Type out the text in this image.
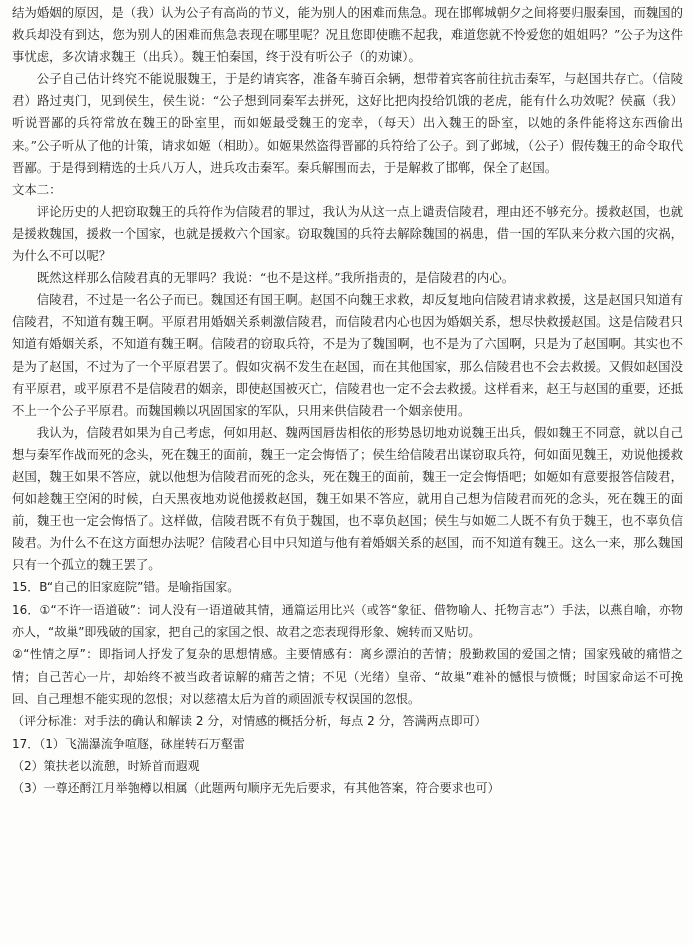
结为婚姻的原因，是（我）认为公子有高尚的节义，能为别人的困难而焦急。现在邯郸城朝夕之间将要归服秦国，而魏国的救兵却没有到达，您为别人的困难而焦急表现在哪里呢？况且您即使瞧不起我，难道您就不怜爱您的姐姐吗？”公子为这件事忧虑，多次请求魏王（出兵）。魏王怕秦国，终于没有听公子（的劝谏）。

公子自己估计终究不能说服魏王，于是约请宾客，准备车骑百余辆，想带着宾客前往抗击秦军，与赵国共存亡。（信陵君）路过夷门，见到侯生，侯生说：“公子想到同秦军去拼死，这好比把肉投给饥饿的老虎，能有什么功效呢？侯嬴（我）听说晋鄙的兵符常放在魏王的卧室里，而如姬最受魏王的宠幸，（每天）出入魏王的卧室，以她的条件能将这东西偷出来。”公子听从了他的计策，请求如姬（相助）。如姬果然盗得晋鄙的兵符给了公子。到了邺城，（公子）假传魏王的命令取代晋鄙。于是得到精选的士兵八万人，进兵攻击秦军。秦兵解围而去，于是解救了邯郸，保全了赵国。

文本二：

评论历史的人把窃取魏王的兵符作为信陵君的罪过，我认为从这一点上谴责信陵君，理由还不够充分。援救赵国，也就是援救魏国，援救一个国家，也就是援救六个国家。窃取魏国的兵符去解除魏国的祸患，借一国的军队来分救六国的灾祸，为什么不可以呢？

既然这样那么信陵君真的无罪吗？我说：“也不是这样。”我所指责的，是信陵君的内心。

信陵君，不过是一名公子而已。魏国还有国王啊。赵国不向魏王求救，却反复地向信陵君请求救援，这是赵国只知道有信陵君，不知道有魏王啊。平原君用婚姻关系刺激信陵君，而信陵君内心也因为婚姻关系，想尽快救援赵国。这是信陵君只知道有婚姻关系，不知道有魏王啊。信陵君的窃取兵符，不是为了魏国啊，也不是为了六国啊，只是为了赵国啊。其实也不是为了赵国，不过为了一个平原君罢了。假如灾祸不发生在赵国，而在其他国家，那么信陵君也不会去救援。又假如赵国没有平原君，或平原君不是信陵君的姻亲，即使赵国被灭亡，信陵君也一定不会去救援。这样看来，赵王与赵国的重要，还抵不上一个公子平原君。而魏国赖以巩固国家的军队，只用来供信陵君一个姻亲使用。

我认为，信陵君如果为自己考虑，何如用赵、魏两国唇齿相依的形势恳切地劝说魏王出兵，假如魏王不同意，就以自己想与秦军作战而死的念头，死在魏王的面前，魏王一定会悔悟了；侯生给信陵君出谋窃取兵符，何如面见魏王，劝说他援救赵国，魏王如果不答应，就以他想为信陵君而死的念头，死在魏王的面前，魏王一定会悔悟吧；如姬如有意要报答信陵君，何如趁魏王空闲的时候，白天黑夜地劝说他援救赵国，魏王如果不答应，就用自己想为信陵君而死的念头，死在魏王的面前，魏王也一定会悔悟了。这样做，信陵君既不有负于魏国，也不辜负赵国；侯生与如姬二人既不有负于魏王，也不辜负信陵君。为什么不在这方面想办法呢？信陵君心目中只知道与他有着婚姻关系的赵国，而不知道有魏王。这么一来，那么魏国只有一个孤立的魏王罢了。

15．B“自己的旧家庭院”错。是喻指国家。

16．①“不许一语道破”：词人没有一语道破其情，通篇运用比兴（或答“象征、借物喻人、托物言志”）手法，以燕自喻，亦物亦人，“故巢”即残破的国家，把自己的家国之恨、故君之恋表现得形象、婉转而又贴切。

②“性情之厚”：即指词人抒发了复杂的思想情感。主要情感有：离乡漂泊的苦情；殷勤救国的爱国之情；国家残破的痛惜之情；自己苦心一片，却始终不被当政者谅解的痛苦之情；不见（光绪）皇帝、“故巢”难补的憾恨与愤慨；时国家命运不可挽回、自己理想不能实现的忽恨；对以慈禧太后为首的顽固派专权误国的忽恨。

（评分标准：对手法的确认和解读 2 分，对情感的概括分析，每点 2 分，答满两点即可）

17．（1）飞湍瀑流争喧豗，砯崖转石万壑雷

（2）策扶老以流憩，时矫首而遐观

（3）一尊还酹江月举匏樽以相属（此题两句顺序无先后要求，有其他答案，符合要求也可）
